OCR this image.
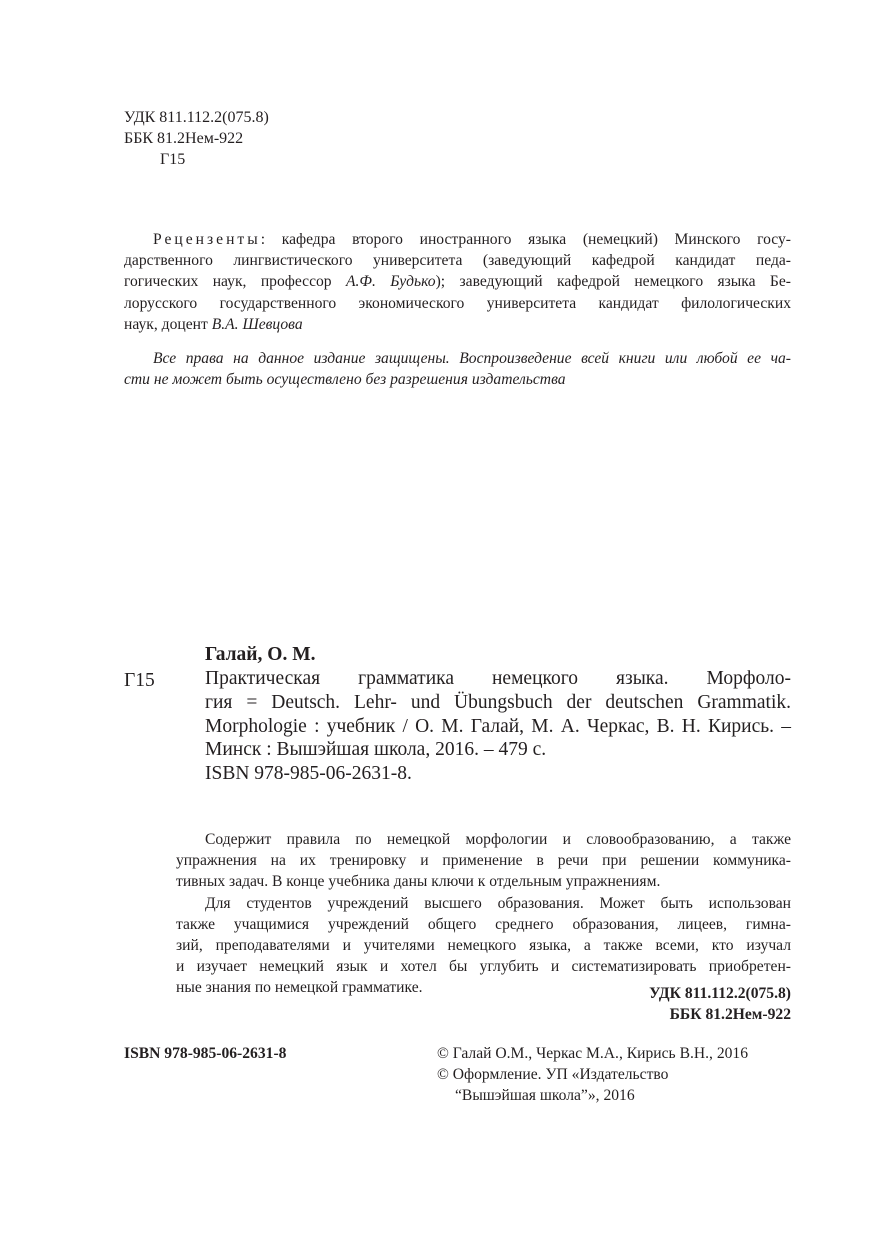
УДК 811.112.2(075.8)
ББК 81.2Нем-922
Г15
Рецензенты: кафедра второго иностранного языка (немецкий) Минского госу-
дарственного лингвистического университета (заведующий кафедрой кандидат педа-
гогических наук, профессор А.Ф. Будько); заведующий кафедрой немецкого языка Бе-
лорусского государственного экономического университета кандидат филологических
наук, доцент В.А. Шевцова
Все права на данное издание защищены. Воспроизведение всей книги или любой ее ча-
сти не может быть осуществлено без разрешения издательства
Галай, О. М.
Г15	Практическая грамматика немецкого языка. Морфоло-
гия = Deutsch. Lehr- und Übungsbuch der deutschen Grammatik.
Morphologie : учебник / О. М. Галай, М. А. Черкас, В. Н. Кирись. –
Минск : Вышэйшая школа, 2016. – 479 с.
ISBN 978-985-06-2631-8.
Содержит правила по немецкой морфологии и словообразованию, а также
упражнения на их тренировку и применение в речи при решении коммуника-
тивных задач. В конце учебника даны ключи к отдельным упражнениям.
Для студентов учреждений высшего образования. Может быть использован
также учащимися учреждений общего среднего образования, лицеев, гимна-
зий, преподавателями и учителями немецкого языка, а также всеми, кто изучал
и изучает немецкий язык и хотел бы углубить и систематизировать приобретен-
ные знания по немецкой грамматике.	УДК 811.112.2(075.8)
ББК 81.2Нем-922
ISBN 978-985-06-2631-8	© Галай О.М., Черкас М.А., Кирись В.Н., 2016
© Оформление. УП «Издательство
“Вышэйшая школа”», 2016
